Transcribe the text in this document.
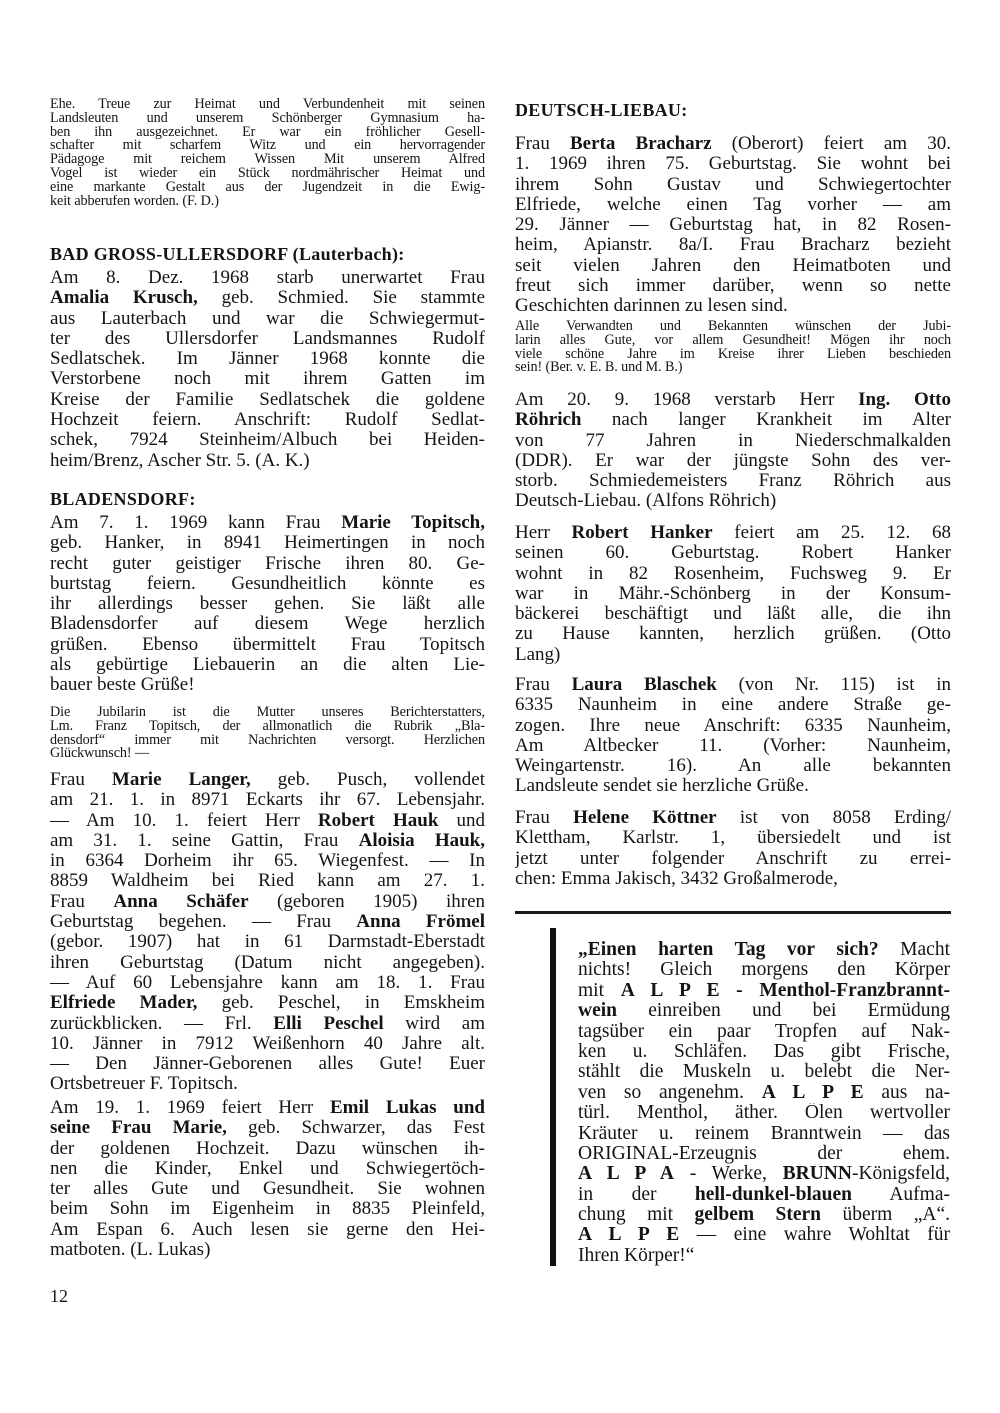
Ehe. Treue zur Heimat und Verbundenheit mit seinen
Landsleuten und unserem Schönberger Gymnasium ha-
ben ihn ausgezeichnet. Er war ein fröhlicher Gesell-
schafter mit scharfem Witz und ein hervorragender
Pädagoge mit reichem Wissen Mit unserem Alfred
Vogel ist wieder ein Stück nordmährischer Heimat und
eine markante Gestalt aus der Jugendzeit in die Ewig-
keit abberufen worden. (F. D.)
BAD GROSS-ULLERSDORF (Lauterbach):
Am 8. Dez. 1968 starb unerwartet Frau
Amalia Krusch, geb. Schmied. Sie stammte
aus Lauterbach und war die Schwiegermut-
ter des Ullersdorfer Landsmannes Rudolf
Sedlatschek. Im Jänner 1968 konnte die
Verstorbene noch mit ihrem Gatten im
Kreise der Familie Sedlatschek die goldene
Hochzeit feiern. Anschrift: Rudolf Sedlat-
schek, 7924 Steinheim/Albuch bei Heiden-
heim/Brenz, Ascher Str. 5. (A. K.)
BLADENSDORF:
Am 7. 1. 1969 kann Frau Marie Topitsch,
geb. Hanker, in 8941 Heimertingen in noch
recht guter geistiger Frische ihren 80. Ge-
burtstag feiern. Gesundheitlich könnte es
ihr allerdings besser gehen. Sie läßt alle
Bladensdorfer auf diesem Wege herzlich
grüßen. Ebenso übermittelt Frau Topitsch
als gebürtige Liebauerin an die alten Lie-
bauer beste Grüße!
Die Jubilarin ist die Mutter unseres Berichterstatters,
Lm. Franz Topitsch, der allmonatlich die Rubrik „Bla-
densdorf“ immer mit Nachrichten versorgt. Herzlichen
Glückwunsch! —
Frau Marie Langer, geb. Pusch, vollendet
am 21. 1. in 8971 Eckarts ihr 67. Lebensjahr.
— Am 10. 1. feiert Herr Robert Hauk und
am 31. 1. seine Gattin, Frau Aloisia Hauk,
in 6364 Dorheim ihr 65. Wiegenfest. — In
8859 Waldheim bei Ried kann am 27. 1.
Frau Anna Schäfer (geboren 1905) ihren
Geburtstag begehen. — Frau Anna Frömel
(gebor. 1907) hat in 61 Darmstadt-Eberstadt
ihren Geburtstag (Datum nicht angegeben).
— Auf 60 Lebensjahre kann am 18. 1. Frau
Elfriede Mader, geb. Peschel, in Emskheim
zurückblicken. — Frl. Elli Peschel wird am
10. Jänner in 7912 Weißenhorn 40 Jahre alt.
— Den Jänner-Geborenen alles Gute! Euer
Ortsbetreuer F. Topitsch.
Am 19. 1. 1969 feiert Herr Emil Lukas und
seine Frau Marie, geb. Schwarzer, das Fest
der goldenen Hochzeit. Dazu wünschen ih-
nen die Kinder, Enkel und Schwiegertöch-
ter alles Gute und Gesundheit. Sie wohnen
beim Sohn im Eigenheim in 8835 Pleinfeld,
Am Espan 6. Auch lesen sie gerne den Hei-
matboten. (L. Lukas)
12
DEUTSCH-LIEBAU:
Frau Berta Bracharz (Oberort) feiert am 30.
1. 1969 ihren 75. Geburtstag. Sie wohnt bei
ihrem Sohn Gustav und Schwiegertochter
Elfriede, welche einen Tag vorher — am
29. Jänner — Geburtstag hat, in 82 Rosen-
heim, Apianstr. 8a/I. Frau Bracharz bezieht
seit vielen Jahren den Heimatboten und
freut sich immer darüber, wenn so nette
Geschichten darinnen zu lesen sind.
Alle Verwandten und Bekannten wünschen der Jubi-
larin alles Gute, vor allem Gesundheit! Mögen ihr noch
viele schöne Jahre im Kreise ihrer Lieben beschieden
sein! (Ber. v. E. B. und M. B.)
Am 20. 9. 1968 verstarb Herr Ing. Otto
Röhrich nach langer Krankheit im Alter
von 77 Jahren in Niederschmalkalden
(DDR). Er war der jüngste Sohn des ver-
storb. Schmiedemeisters Franz Röhrich aus
Deutsch-Liebau. (Alfons Röhrich)
Herr Robert Hanker feiert am 25. 12. 68
seinen 60. Geburtstag. Robert Hanker
wohnt in 82 Rosenheim, Fuchsweg 9. Er
war in Mähr.-Schönberg in der Konsum-
bäckerei beschäftigt und läßt alle, die ihn
zu Hause kannten, herzlich grüßen. (Otto
Lang)
Frau Laura Blaschek (von Nr. 115) ist in
6335 Naunheim in eine andere Straße ge-
zogen. Ihre neue Anschrift: 6335 Naunheim,
Am Altbecker 11. (Vorher: Naunheim,
Weingartenstr. 16). An alle bekannten
Landsleute sendet sie herzliche Grüße.
Frau Helene Köttner ist von 8058 Erding/
Klettham, Karlstr. 1, übersiedelt und ist
jetzt unter folgender Anschrift zu errei-
chen: Emma Jakisch, 3432 Großalmerode,
„Einen harten Tag vor sich? Macht
nichts! Gleich morgens den Körper
mit A L P E - Menthol-Franzbrannt-
wein einreiben und bei Ermüdung
tagsüber ein paar Tropfen auf Nak-
ken u. Schläfen. Das gibt Frische,
stählt die Muskeln u. belebt die Ner-
ven so angenehm. A L P E aus na-
türl. Menthol, äther. Ölen wertvoller
Kräuter u. reinem Branntwein — das
ORIGINAL-Erzeugnis der ehem.
A L P A - Werke, BRÜNN-Königsfeld,
in der hell-dunkel-blauen Aufma-
chung mit gelbem Stern überm „A“.
A L P E — eine wahre Wohltat für
Ihren Körper!“
